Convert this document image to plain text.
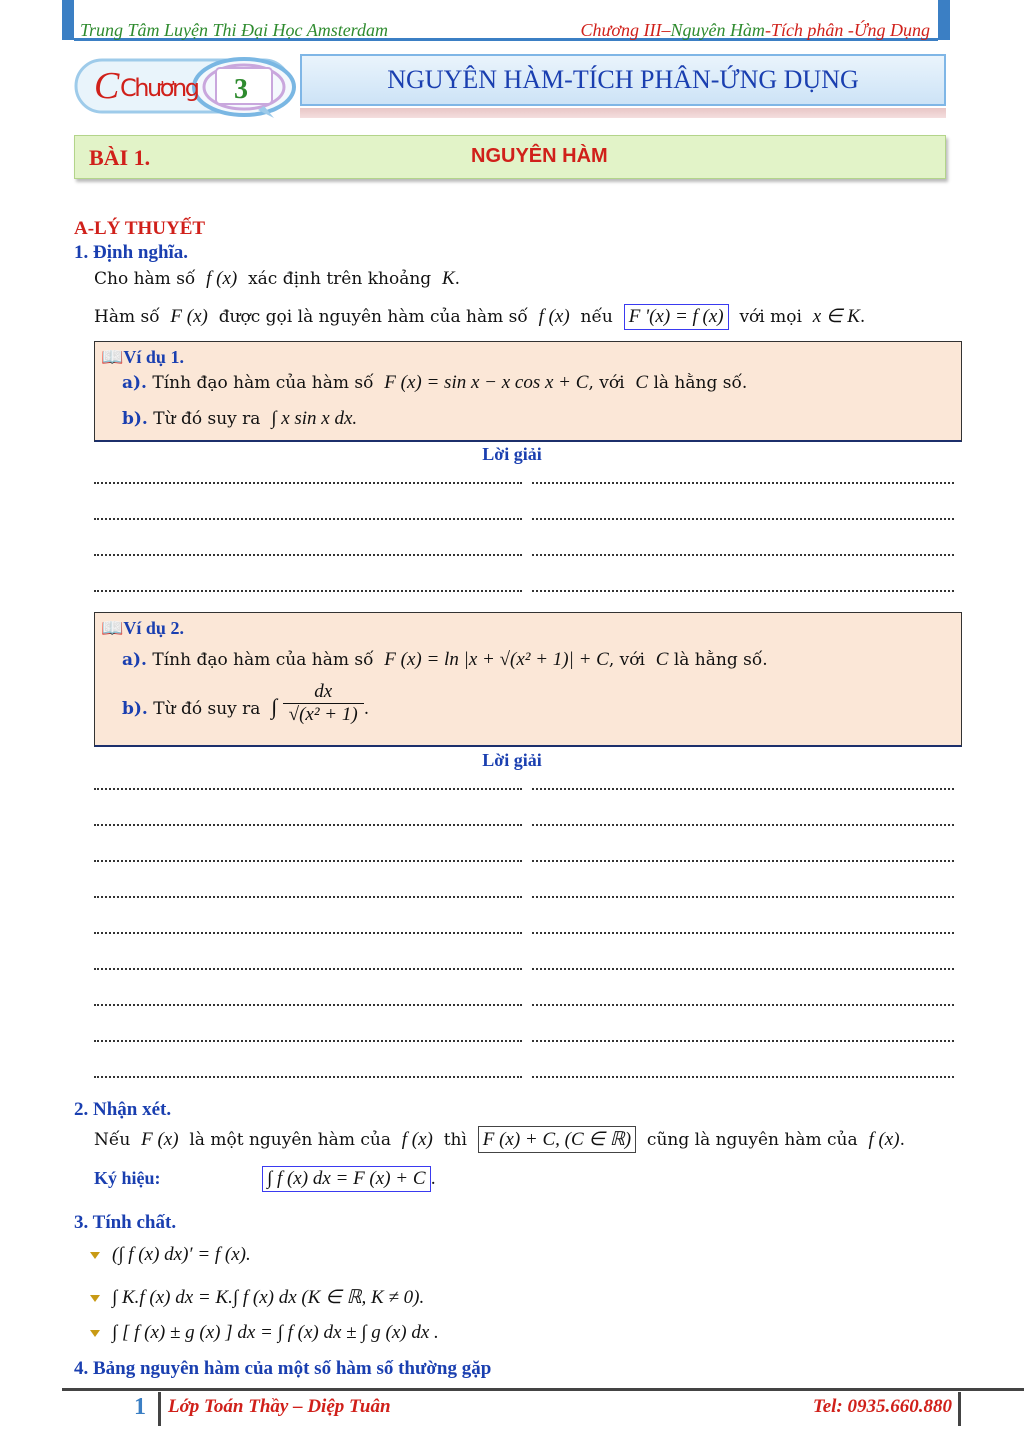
Trung Tâm Luyện Thi Đại Học Amsterdam	Chương III–Nguyên Hàm-Tích phân -Ứng Dụng
C Chương 3	NGUYÊN HÀM-TÍCH PHÂN-ỨNG DỤNG
BÀI 1.	NGUYÊN HÀM
A-LÝ THUYẾT
1. Định nghĩa.
Cho hàm số f (x) xác định trên khoảng K.
Hàm số F (x) được gọi là nguyên hàm của hàm số f (x) nếu F '(x) = f (x) với mọi x ∈ K.
📖Ví dụ 1.
a). Tính đạo hàm của hàm số F (x) = sin x − x cos x + C, với C là hằng số.
b). Từ đó suy ra ∫ x sin x dx.
Lời giải
📖Ví dụ 2.
a). Tính đạo hàm của hàm số F (x) = ln |x + √(x² + 1)| + C, với C là hằng số.
b). Từ đó suy ra ∫ $\frac{dx}{\text{√(x² + 1)}}$ .
Lời giải
2. Nhận xét.
Nếu F (x) là một nguyên hàm của f (x) thì F (x) + C, (C ∈ ℝ) cũng là nguyên hàm của f (x).
Ký hiệu:	∫ f (x) dx = F (x) + C .
3. Tính chất.
(∫ f (x) dx)′ = f (x).
∫ K.f (x) dx = K.∫ f (x) dx (K ∈ ℝ, K ≠ 0).
∫ [ f (x) ± g (x) ] dx = ∫ f (x) dx ± ∫ g (x) dx .
4. Bảng nguyên hàm của một số hàm số thường gặp
1 Lớp Toán Thầy – Diệp Tuân	Tel: 0935.660.880
